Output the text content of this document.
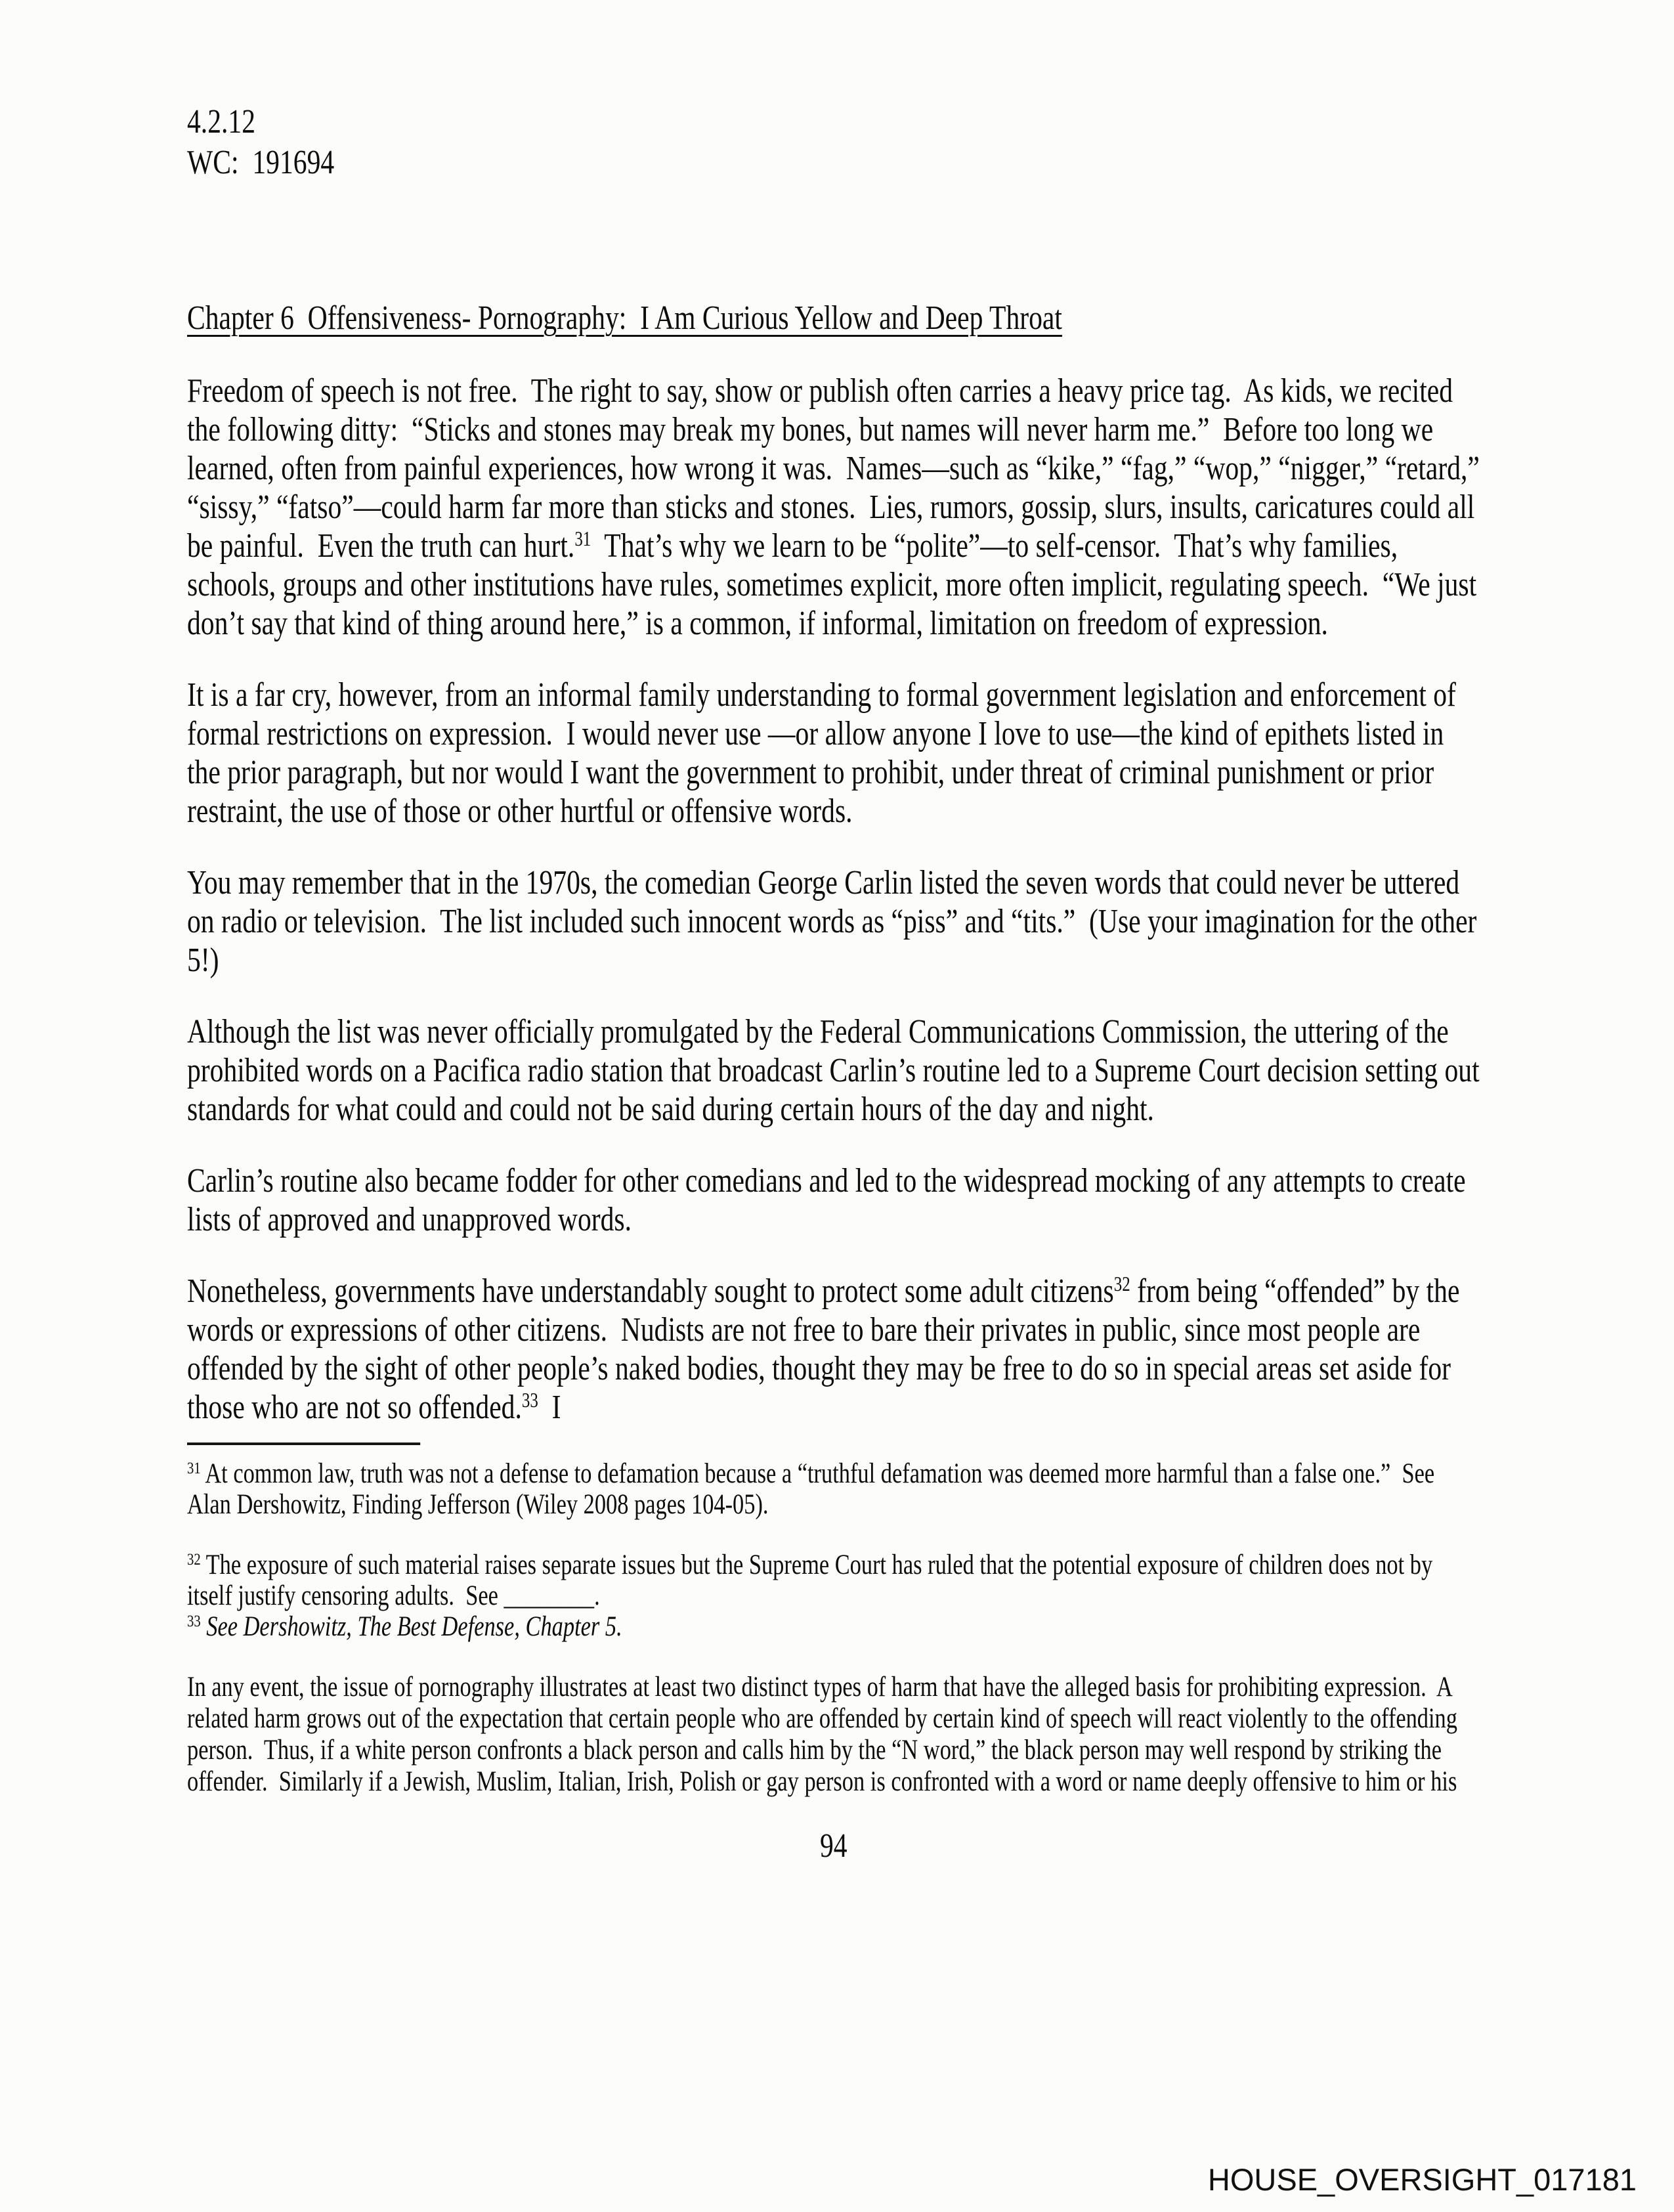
4.2.12
WC:  191694
Chapter 6  Offensiveness- Pornography:  I Am Curious Yellow and Deep Throat

Freedom of speech is not free.  The right to say, show or publish often carries a heavy price tag.  As kids, we recited the following ditty:  “Sticks and stones may break my bones, but names will never harm me.”  Before too long we learned, often from painful experiences, how wrong it was.  Names—such as “kike,” “fag,” “wop,” “nigger,” “retard,” “sissy,” “fatso”—could harm far more than sticks and stones.  Lies, rumors, gossip, slurs, insults, caricatures could all be painful.  Even the truth can hurt.$^{31}$  That’s why we learn to be “polite”—to self-censor.  That’s why families, schools, groups and other institutions have rules, sometimes explicit, more often implicit, regulating speech.  “We just don’t say that kind of thing around here,” is a common, if informal, limitation on freedom of expression.

It is a far cry, however, from an informal family understanding to formal government legislation and enforcement of formal restrictions on expression.  I would never use —or allow anyone I love to use—the kind of epithets listed in the prior paragraph, but nor would I want the government to prohibit, under threat of criminal punishment or prior restraint, the use of those or other hurtful or offensive words.

You may remember that in the 1970s, the comedian George Carlin listed the seven words that could never be uttered on radio or television.  The list included such innocent words as “piss” and “tits.”  (Use your imagination for the other 5!)

Although the list was never officially promulgated by the Federal Communications Commission, the uttering of the prohibited words on a Pacifica radio station that broadcast Carlin’s routine led to a Supreme Court decision setting out standards for what could and could not be said during certain hours of the day and night.

Carlin’s routine also became fodder for other comedians and led to the widespread mocking of any attempts to create lists of approved and unapproved words.

Nonetheless, governments have understandably sought to protect some adult citizens$^{32}$ from being “offended” by the words or expressions of other citizens.  Nudists are not free to bare their privates in public, since most people are offended by the sight of other people’s naked bodies, thought they may be free to do so in special areas set aside for those who are not so offended.$^{33}$  I

$^{31}$ At common law, truth was not a defense to defamation because a “truthful defamation was deemed more harmful than a false one.”  See Alan Dershowitz, Finding Jefferson (Wiley 2008 pages 104-05).
$^{32}$ The exposure of such material raises separate issues but the Supreme Court has ruled that the potential exposure of children does not by itself justify censoring adults.  See ________.
$^{33}$ See Dershowitz, The Best Defense, Chapter 5.

In any event, the issue of pornography illustrates at least two distinct types of harm that have the alleged basis for prohibiting expression.  A related harm grows out of the expectation that certain people who are offended by certain kind of speech will react violently to the offending person.  Thus, if a white person confronts a black person and calls him by the “N word,” the black person may well respond by striking the offender.  Similarly if a Jewish, Muslim, Italian, Irish, Polish or gay person is confronted with a word or name deeply offensive to him or his

94
HOUSE_OVERSIGHT_017181
